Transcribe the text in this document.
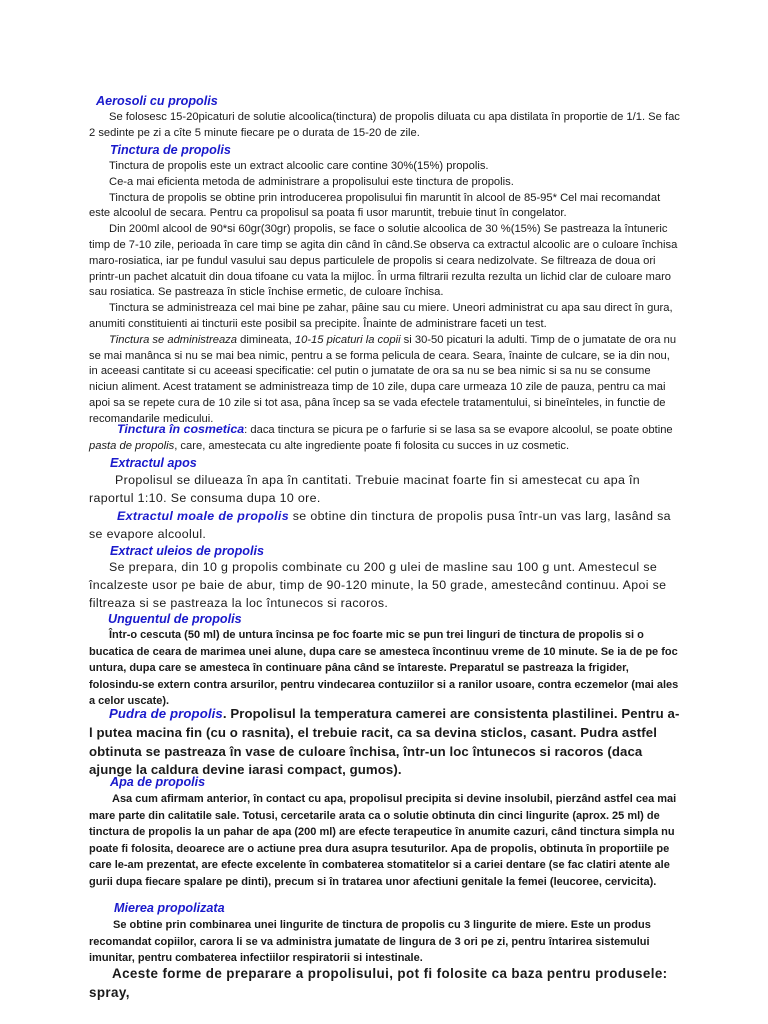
Aerosoli cu propolis

Se folosesc 15-20picaturi de solutie alcoolica(tinctura) de propolis diluata cu apa distilata în proportie de 1/1. Se fac 2 sedinte pe zi a cîte 5 minute fiecare pe o durata de 15-20 de zile.

Tinctura de propolis

Tinctura de propolis este un extract alcoolic care contine 30%(15%) propolis.

Ce-a mai eficienta metoda de administrare a propolisului este tinctura de propolis.

Tinctura de propolis se obtine prin introducerea propolisului fin maruntit în alcool de 85-95* Cel mai recomandat este alcoolul de secara. Pentru ca propolisul sa poata fi usor maruntit, trebuie tinut în congelator.

Din 200ml alcool de 90*si 60gr(30gr) propolis, se face o solutie alcoolica de 30 %(15%) Se pastreaza la întuneric timp de 7-10 zile, perioada în care timp se agita din când în când.Se observa ca extractul alcoolic are o culoare închisa maro-rosiatica, iar pe fundul vasului sau depus particulele de propolis si ceara nedizolvate. Se filtreaza de doua ori printr-un pachet alcatuit din doua tifoane cu vata la mijloc. În urma filtrarii rezulta rezulta un lichid clar de culoare maro sau rosiatica. Se pastreaza în sticle închise ermetic, de culoare închisa.

Tinctura se administreaza cel mai bine pe zahar, pâine sau cu miere. Uneori administrat cu apa sau direct în gura, anumiti constituienti ai tincturii este posibil sa precipite. Înainte de administrare faceti un test.

Tinctura se administreaza dimineata, 10-15 picaturi la copii si 30-50 picaturi la adulti. Timp de o jumatate de ora nu se mai manânca si nu se mai bea nimic, pentru a se forma pelicula de ceara. Seara, înainte de culcare, se ia din nou, in aceeasi cantitate si cu aceeasi specificatie: cel putin o jumatate de ora sa nu se bea nimic si sa nu se consume niciun aliment. Acest tratament se administreaza timp de 10 zile, dupa care urmeaza 10 zile de pauza, pentru ca mai apoi sa se repete cura de 10 zile si tot asa, pâna încep sa se vada efectele tratamentului, si bineînteles, in functie de recomandarile medicului.

Tinctura în cosmetica: daca tinctura se picura pe o farfurie si se lasa sa se evapore alcoolul, se poate obtine pasta de propolis, care, amestecata cu alte ingrediente poate fi folosita cu succes in uz cosmetic.

Extractul apos
Propolisul se dilueaza în apa în cantitati. Trebuie macinat foarte fin si amestecat cu apa în raportul 1:10. Se consuma dupa 10 ore.
Extractul moale de propolis se obtine din tinctura de propolis pusa într-un vas larg, lasând sa se evapore alcoolul.
Extract uleios de propolis
Se prepara, din 10 g propolis combinate cu 200 g ulei de masline sau 100 g unt. Amestecul se încalzeste usor pe baie de abur, timp de 90-120 minute, la 50 grade, amestecând continuu. Apoi se filtreaza si se pastreaza la loc întunecos si racoros.
Unguentul de propolis
Într-o cescuta (50 ml) de untura încinsa pe foc foarte mic se pun trei linguri de tinctura de propolis si o bucatica de ceara de marimea unei alune, dupa care se amesteca încontinuu vreme de 10 minute. Se ia de pe foc untura, dupa care se amesteca în continuare pâna când se întareste. Preparatul se pastreaza la frigider, folosindu-se extern contra arsurilor, pentru vindecarea contuziilor si a ranilor usoare, contra eczemelor (mai ales a celor uscate).
Pudra de propolis. Propolisul la temperatura camerei are consistenta plastilinei. Pentru a-l putea macina fin (cu o rasnita), el trebuie racit, ca sa devina sticlos, casant. Pudra astfel obtinuta se pastreaza în vase de culoare închisa, într-un loc întunecos si racoros (daca ajunge la caldura devine iarasi compact, gumos).
Apa de propolis
Asa cum afirmam anterior, în contact cu apa, propolisul precipita si devine insolubil, pierzând astfel cea mai mare parte din calitatile sale. Totusi, cercetarile arata ca o solutie obtinuta din cinci lingurite (aprox. 25 ml) de tinctura de propolis la un pahar de apa (200 ml) are efecte terapeutice în anumite cazuri, când tinctura simpla nu poate fi folosita, deoarece are o actiune prea dura asupra tesuturilor. Apa de propolis, obtinuta în proportiile pe care le-am prezentat, are efecte excelente în combaterea stomatitelor si a cariei dentare (se fac clatiri atente ale gurii dupa fiecare spalare pe dinti), precum si în tratarea unor afectiuni genitale la femei (leucoree, cervicita).
Mierea propolizata
Se obtine prin combinarea unei lingurite de tinctura de propolis cu 3 lingurite de miere. Este un produs recomandat copiilor, carora li se va administra jumatate de lingura de 3 ori pe zi, pentru întarirea sistemului imunitar, pentru combaterea infectiilor respiratorii si intestinale.
Aceste forme de preparare a propolisului, pot fi folosite ca baza pentru produsele: spray,
